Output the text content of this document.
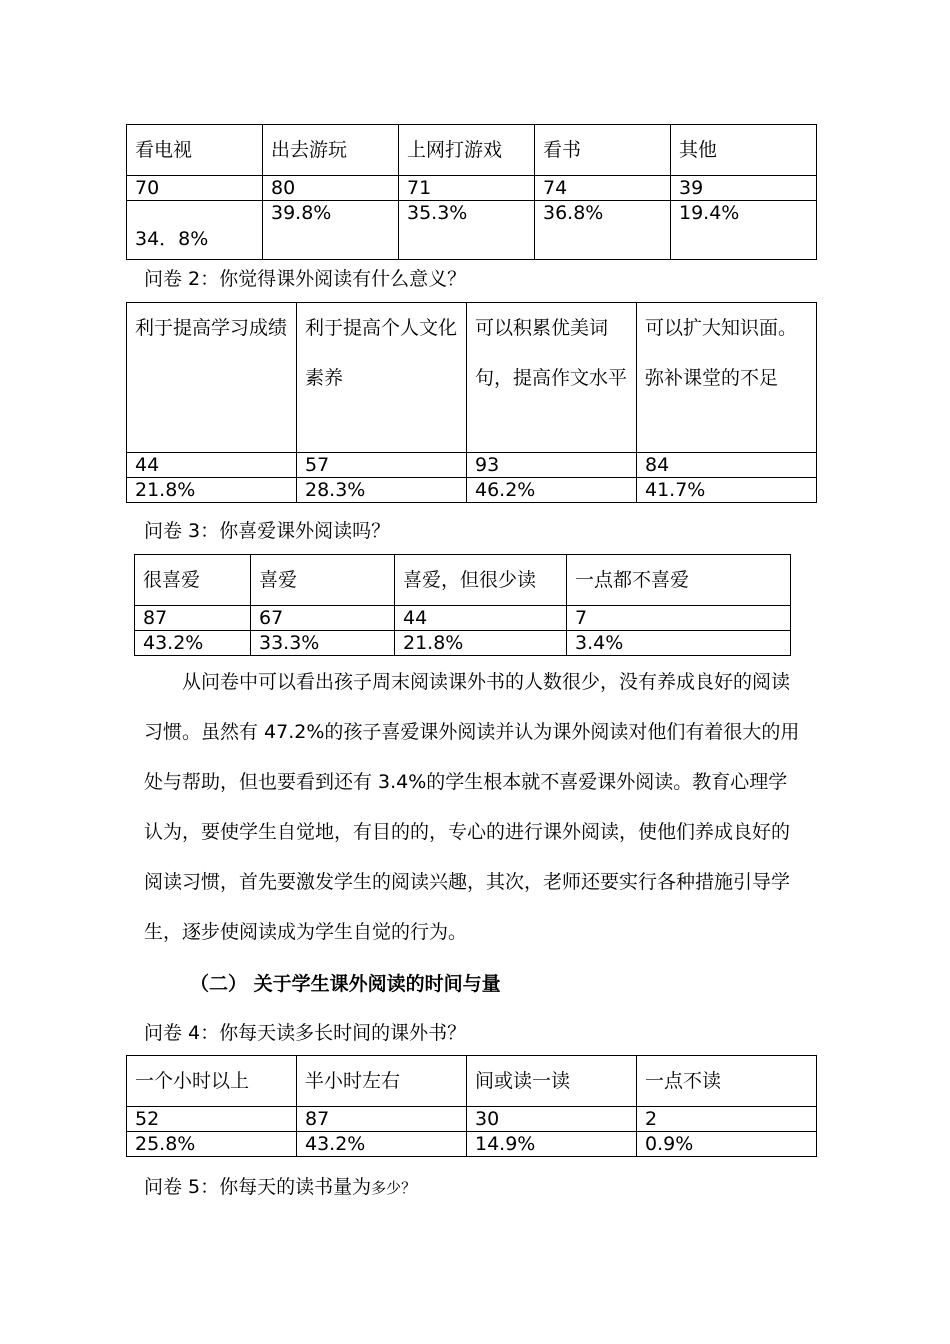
看电视	出去游玩	上网打游戏	看书	其他
70	80	71	74	39
34．8%	39.8%	35.3%	36.8%	19.4%
问卷 2：你觉得课外阅读有什么意义？
利于提高学习成绩	利于提高个人文化素养	可以积累优美词句，提高作文水平	可以扩大知识面。弥补课堂的不足
44	57	93	84
21.8%	28.3%	46.2%	41.7%
问卷 3：你喜爱课外阅读吗？
很喜爱	喜爱	喜爱，但很少读	一点都不喜爱
87	67	44	7
43.2%	33.3%	21.8%	3.4%

　　从问卷中可以看出孩子周末阅读课外书的人数很少，没有养成良好的阅读

习惯。虽然有 47.2%的孩子喜爱课外阅读并认为课外阅读对他们有着很大的用

处与帮助，但也要看到还有 3.4%的学生根本就不喜爱课外阅读。教育心理学

认为，要使学生自觉地，有目的的，专心的进行课外阅读，使他们养成良好的

阅读习惯，首先要激发学生的阅读兴趣，其次，老师还要实行各种措施引导学

生，逐步使阅读成为学生自觉的行为。

（二） 关于学生课外阅读的时间与量
问卷 4：你每天读多长时间的课外书？
一个小时以上	半小时左右	间或读一读	一点不读
52	87	30	2
25.8%	43.2%	14.9%	0.9%
问卷 5：你每天的读书量为多少？
